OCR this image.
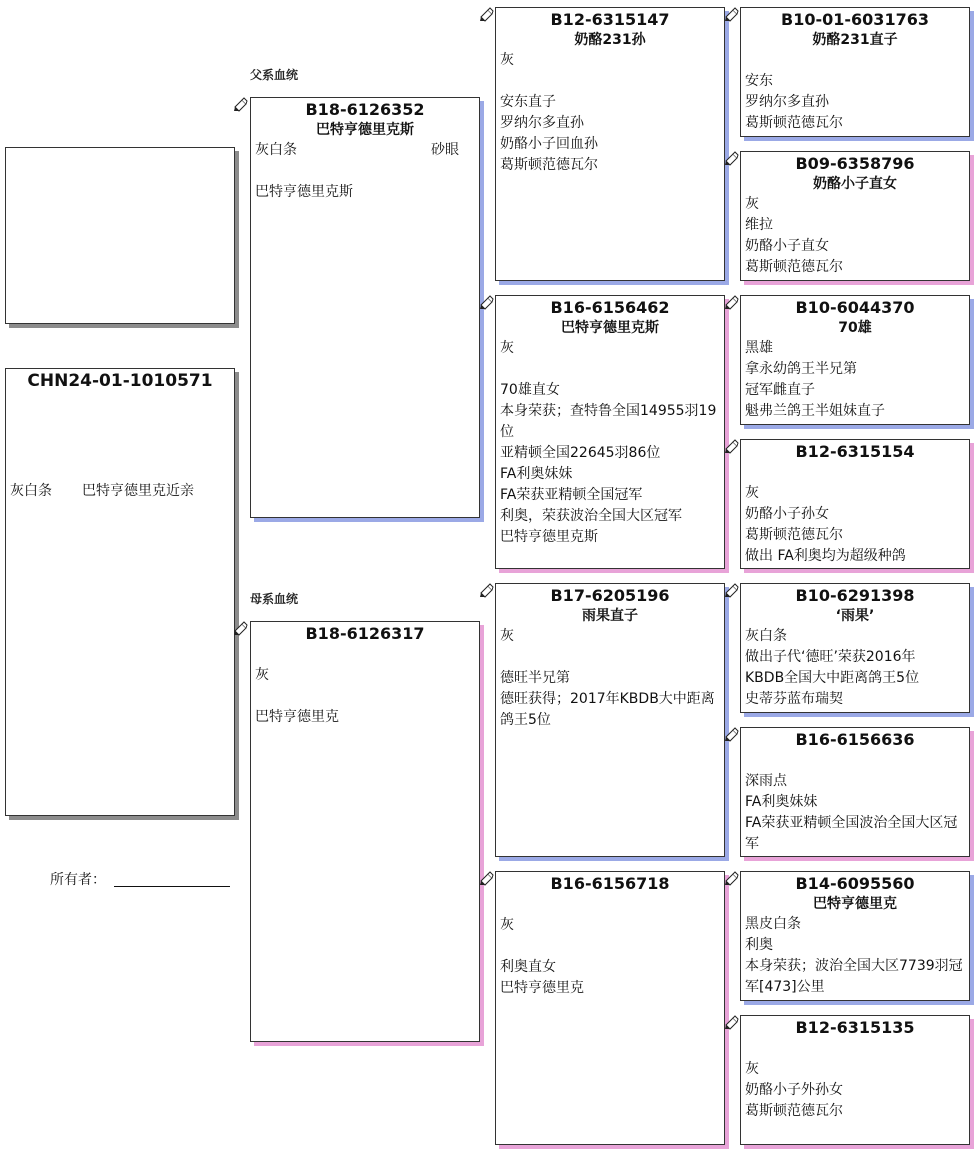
CHN24-01-1010571
灰白条 巴特亨德里克近亲
所有者：
父系血统
母系血统
B18-6126352
巴特亨德里克斯
灰白条	砂眼
巴特亨德里克斯
B18-6126317
灰
巴特亨德里克
B12-6315147
奶酪231孙
灰
安东直子
罗纳尔多直孙
奶酪小子回血孙
葛斯顿范德瓦尔
B16-6156462
巴特亨德里克斯
灰
70雄直女
本身荣获；查特鲁全国14955羽19位
亚精顿全国22645羽86位
FA利奥妹妹
FA荣获亚精顿全国冠军
利奥，荣获波治全国大区冠军
巴特亨德里克斯
B17-6205196
雨果直子
灰
德旺半兄第
德旺获得；2017年KBDB大中距离鸽王5位
B16-6156718
灰
利奥直女
巴特亨德里克
B10-01-6031763
奶酪231直子
安东
罗纳尔多直孙
葛斯顿范德瓦尔
B09-6358796
奶酪小子直女
灰
维拉
奶酪小子直女
葛斯顿范德瓦尔
B10-6044370
70雄
黑雄
拿永幼鸽王半兄第
冠军雌直子
魁弗兰鸽王半姐妹直子
B12-6315154
灰
奶酪小子孙女
葛斯顿范德瓦尔
做出 FA利奥均为超级种鸽
B10-6291398
‘雨果’
灰白条
做出子代‘德旺’荣获2016年
KBDB全国大中距离鸽王5位
史蒂芬蓝布瑞契
B16-6156636
深雨点
FA利奥妹妹
FA荣获亚精顿全国波治全国大区冠军
B14-6095560
巴特亨德里克
黑皮白条
利奥
本身荣获；波治全国大区7739羽冠军[473]公里
B12-6315135
灰
奶酪小子外孙女
葛斯顿范德瓦尔
